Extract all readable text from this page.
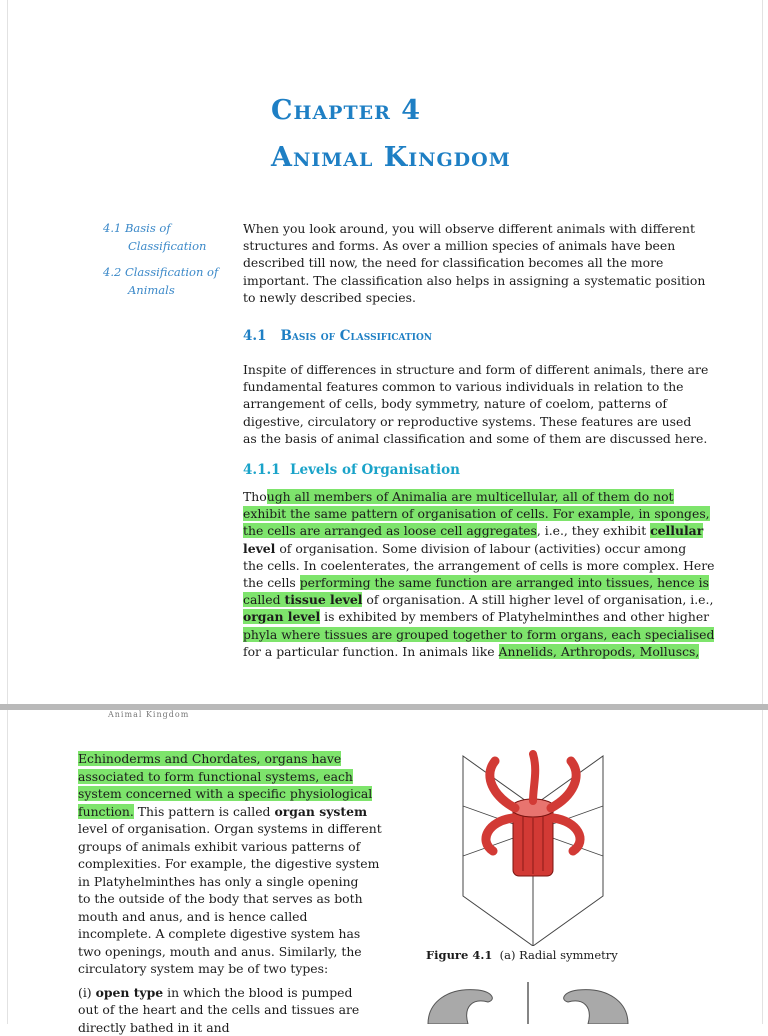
Chapter 4
Animal Kingdom
4.1 Basis of
Classification
4.2 Classification of
Animals
When you look around, you will observe different animals with different
structures and forms. As over a million species of animals have been
described till now, the need for classification becomes all the more
important. The classification also helps in assigning a systematic position
to newly described species.
4.1 Basis of Classification
Inspite of differences in structure and form of different animals, there are
fundamental features common to various individuals in relation to the
arrangement of cells, body symmetry, nature of coelom, patterns of
digestive, circulatory or reproductive systems. These features are used
as the basis of animal classification and some of them are discussed here.
4.1.1 Levels of Organisation
Though all members of Animalia are multicellular, all of them do not
exhibit the same pattern of organisation of cells. For example, in sponges,
the cells are arranged as loose cell aggregates, i.e., they exhibit cellular
level of organisation. Some division of labour (activities) occur among
the cells. In coelenterates, the arrangement of cells is more complex. Here
the cells performing the same function are arranged into tissues, hence is
called tissue level of organisation. A still higher level of organisation, i.e.,
organ level is exhibited by members of Platyhelminthes and other higher
phyla where tissues are grouped together to form organs, each specialised
for a particular function. In animals like Annelids, Arthropods, Molluscs,
Animal Kingdom
Echinoderms and Chordates, organs have
associated to form functional systems, each
system concerned with a specific physiological
function. This pattern is called organ system
level of organisation. Organ systems in different
groups of animals exhibit various patterns of
complexities. For example, the digestive system
in Platyhelminthes has only a single opening
to the outside of the body that serves as both
mouth and anus, and is hence called
incomplete. A complete digestive system has
two openings, mouth and anus. Similarly, the
circulatory system may be of two types:
(i) open type in which the blood is pumped
out of the heart and the cells and tissues are
directly bathed in it and
Figure 4.1 (a) Radial symmetry
